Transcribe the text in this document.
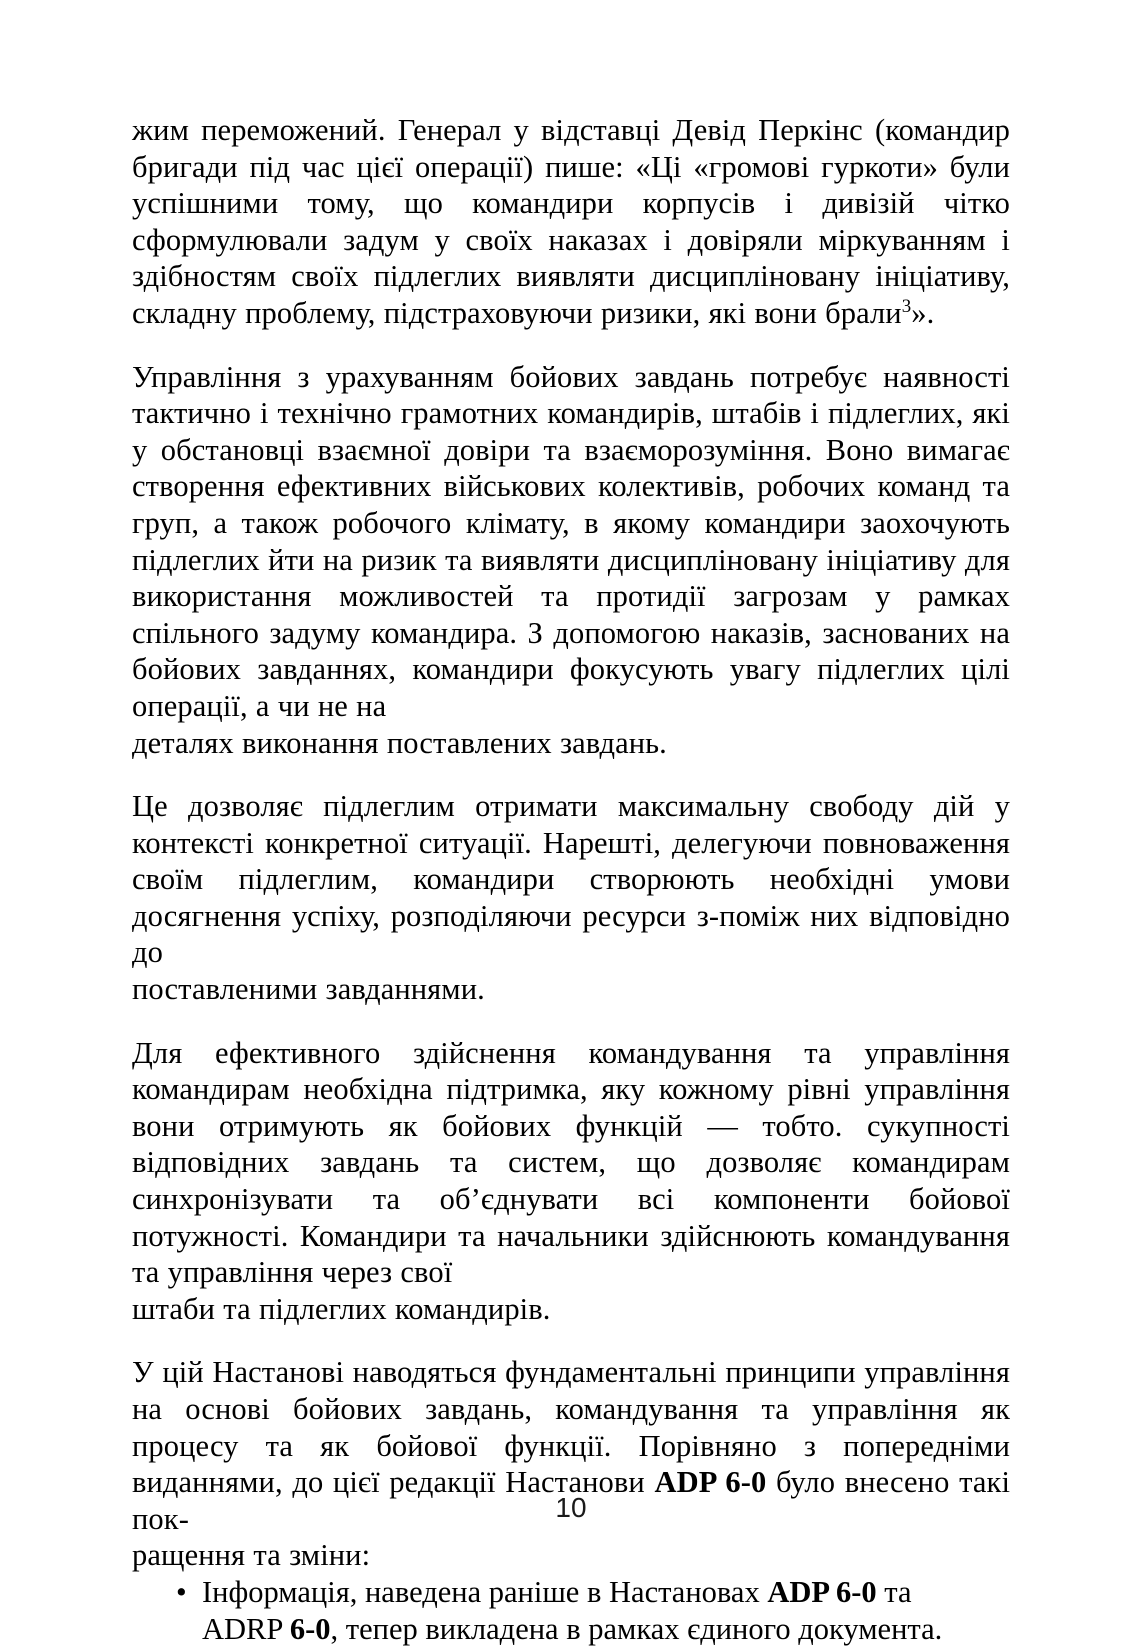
жим переможений. Генерал у відставці Девід Перкінс (командир бригади під час цієї операції) пише: «Ці «громові гуркоти» були успішними тому, що командири корпусів і дивізій чітко сформулювали задум у своїх наказах і довіряли міркуванням і здібностям своїх підлеглих виявляти дисципліновану ініціативу, складну проблему, підстраховуючи ризики, які вони брали$^3$».

Управління з урахуванням бойових завдань потребує наявності тактично і технічно грамотних командирів, штабів і підлеглих, які у обстановці взаємної довіри та взаєморозуміння. Воно вимагає створення ефективних військових колективів, робочих команд та груп, а також робочого клімату, в якому командири заохочують підлеглих йти на ризик та виявляти дисципліновану ініціативу для використання можливостей та протидії загрозам у рамках спільного задуму командира. З допомогою наказів, заснованих на бойових завданнях, командири фокусують увагу підлеглих цілі операції, а чи не на
деталях виконання поставлених завдань.

Це дозволяє підлеглим отримати максимальну свободу дій у контексті конкретної ситуації. Нарешті, делегуючи повноваження своїм підлеглим, командири створюють необхідні умови досягнення успіху, розподіляючи ресурси з-поміж них відповідно до
поставленими завданнями.

Для ефективного здійснення командування та управління командирам необхідна підтримка, яку кожному рівні управління вони отримують як бойових функцій — тобто. сукупності відповідних завдань та систем, що дозволяє командирам синхронізувати та об’єднувати всі компоненти бойової потужності. Командири та начальники здійснюють командування та управління через свої
штаби та підлеглих командирів.

У цій Настанові наводяться фундаментальні принципи управління на основі бойових завдань, командування та управління як процесу та як бойової функції. Порівняно з попередніми виданнями, до цієї редакції Настанови ADP 6-0 було внесено такі пок-
ращення та зміни:

• Інформація, наведена раніше в Настановах ADP 6-0 та
ADRP 6-0, тепер викладена в рамках єдиного документа.
10
